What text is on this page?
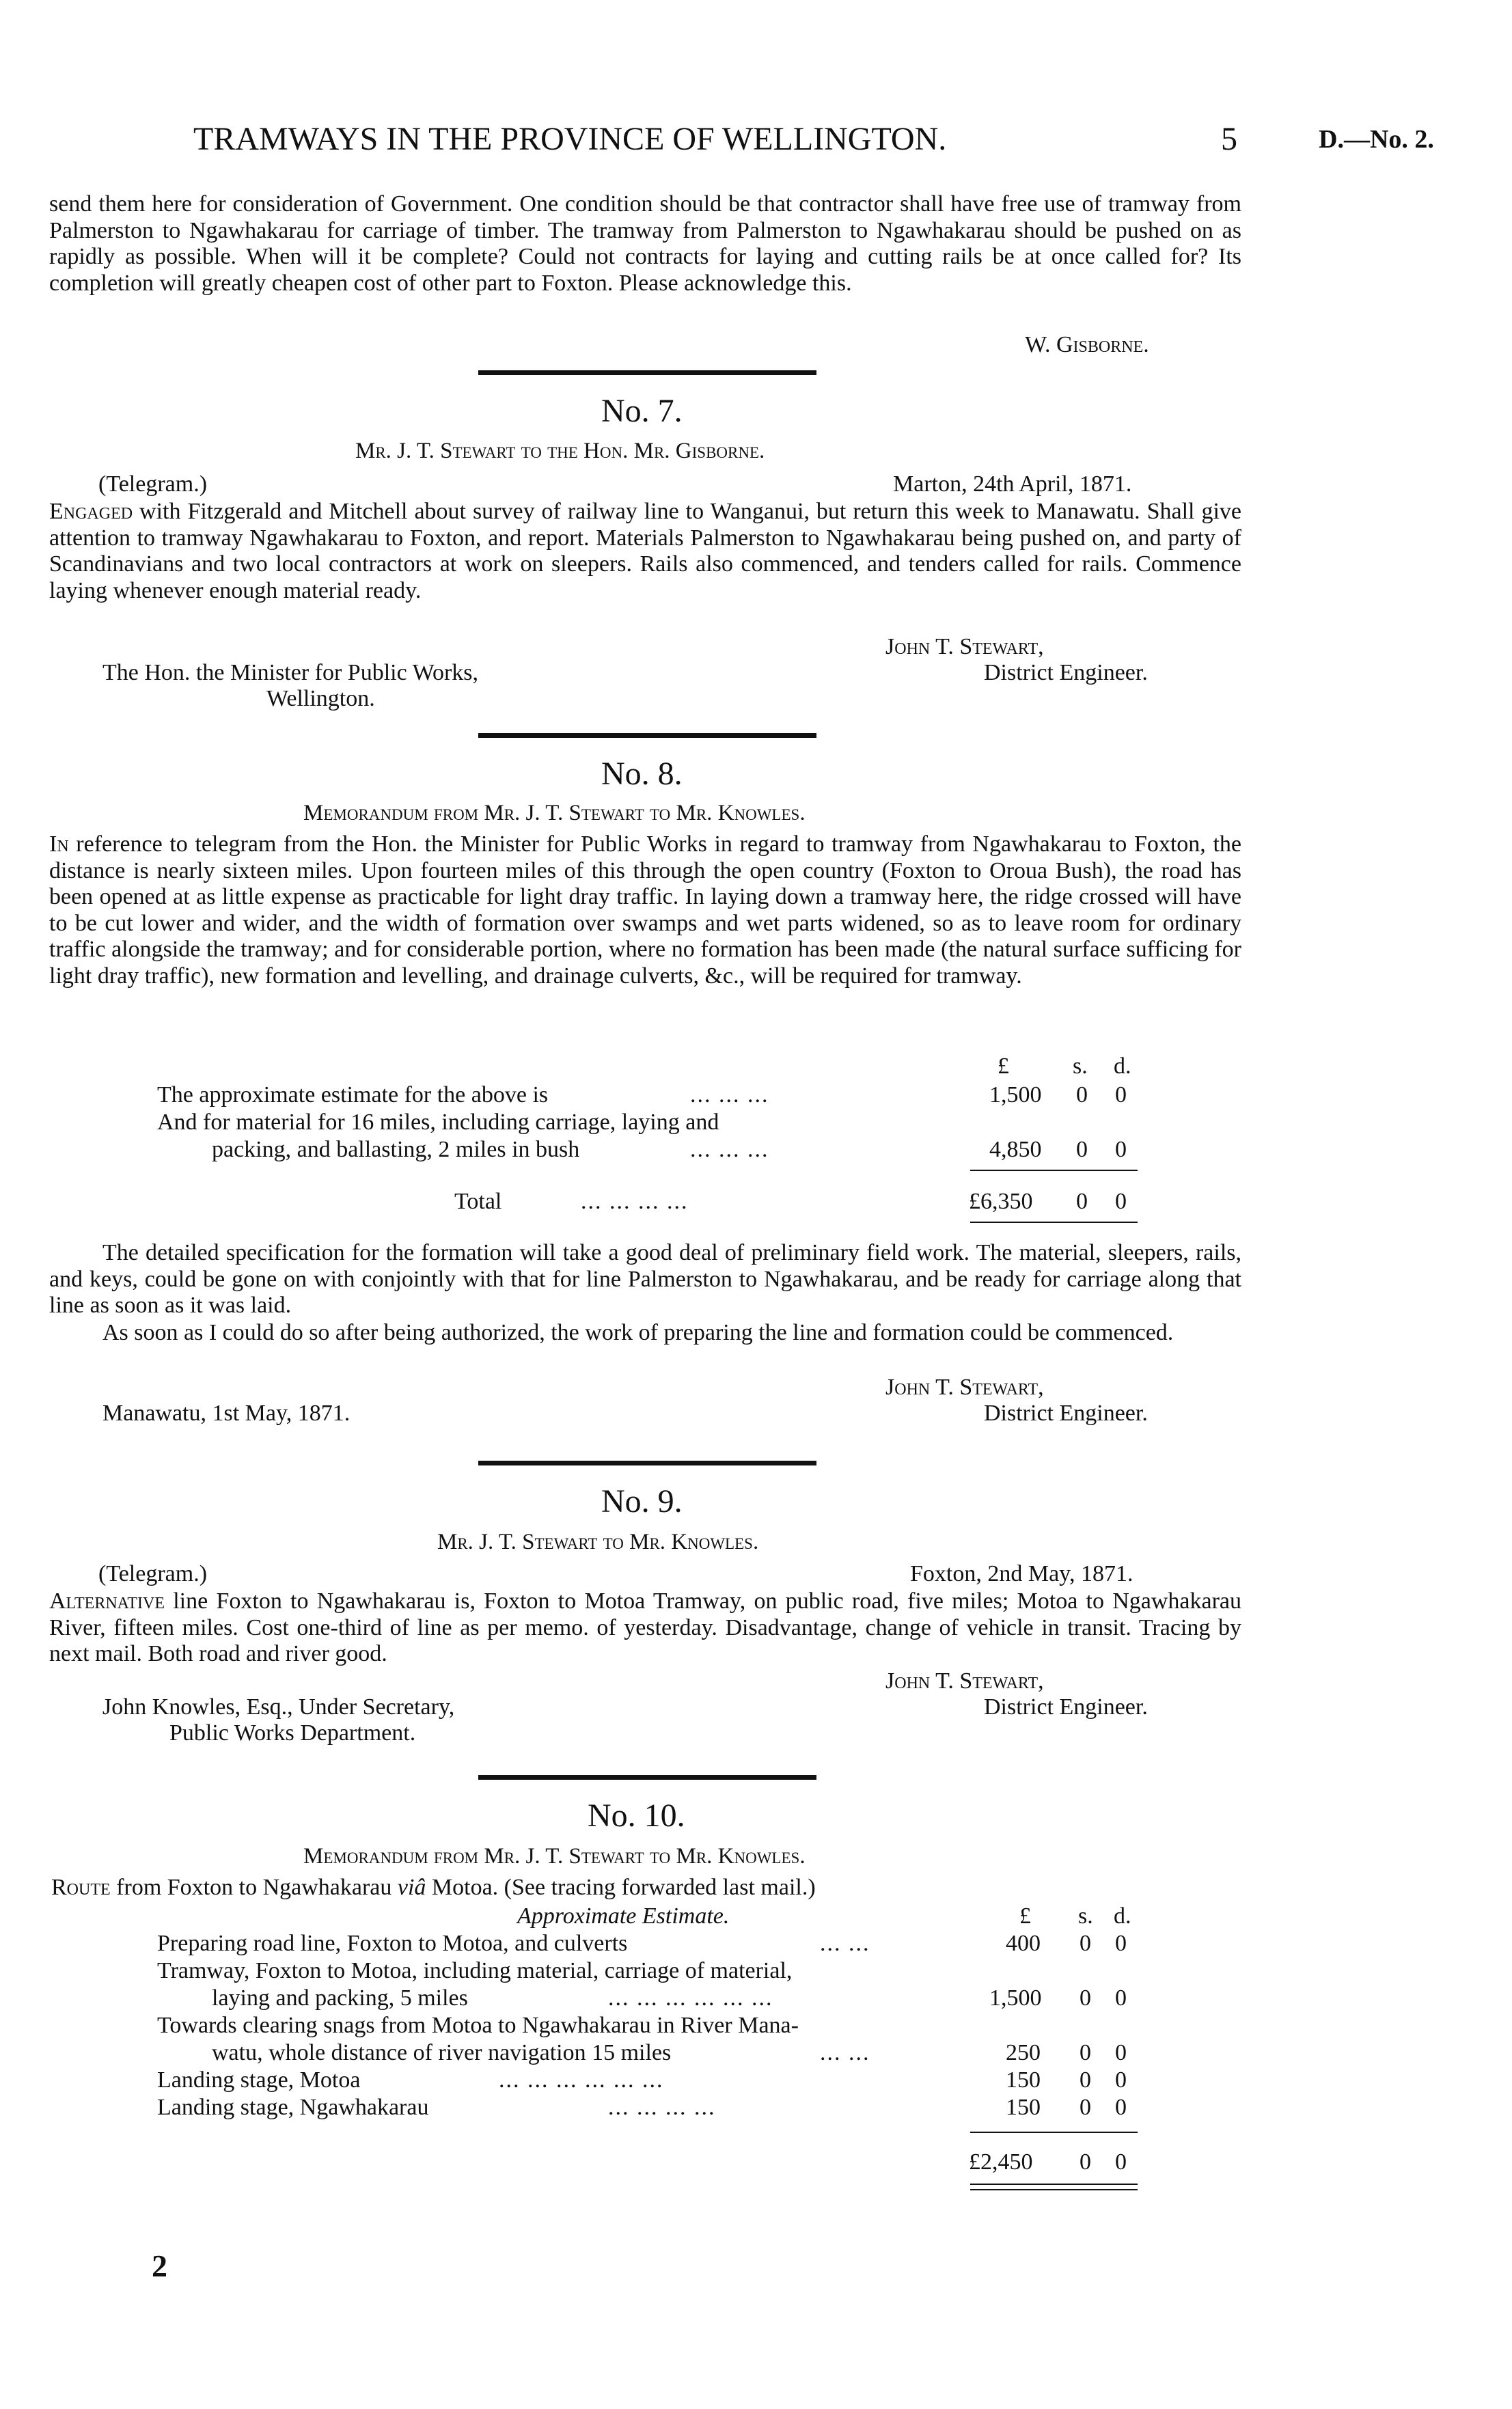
TRAMWAYS IN THE PROVINCE OF WELLINGTON.	5	D.—No. 2.

send them here for consideration of Government. One condition should be that contractor shall have free use of tramway from Palmerston to Ngawhakarau for carriage of timber. The tramway from Palmerston to Ngawhakarau should be pushed on as rapidly as possible. When will it be complete? Could not contracts for laying and cutting rails be at once called for? Its completion will greatly cheapen cost of other part to Foxton. Please acknowledge this.

W. Gisborne.
No. 7.
Mr. J. T. Stewart to the Hon. Mr. Gisborne.
(Telegram.)	Marton, 24th April, 1871.

Engaged with Fitzgerald and Mitchell about survey of railway line to Wanganui, but return this week to Manawatu. Shall give attention to tramway Ngawhakarau to Foxton, and report. Materials Palmerston to Ngawhakarau being pushed on, and party of Scandinavians and two local contractors at work on sleepers. Rails also commenced, and tenders called for rails. Commence laying whenever enough material ready.

John T. Stewart,
The Hon. the Minister for Public Works,	District Engineer.
Wellington.
No. 8.
Memorandum from Mr. J. T. Stewart to Mr. Knowles.

In reference to telegram from the Hon. the Minister for Public Works in regard to tramway from Ngawhakarau to Foxton, the distance is nearly sixteen miles. Upon fourteen miles of this through the open country (Foxton to Oroua Bush), the road has been opened at as little expense as practicable for light dray traffic. In laying down a tramway here, the ridge crossed will have to be cut lower and wider, and the width of formation over swamps and wet parts widened, so as to leave room for ordinary traffic alongside the tramway; and for considerable portion, where no formation has been made (the natural surface sufficing for light dray traffic), new formation and levelling, and drainage culverts, &c., will be required for tramway.

£	s. d.
The approximate estimate for the above is	... ... ...	1,500 0 0
And for material for 16 miles, including carriage, laying and
packing, and ballasting, 2 miles in bush	... ... ...	4,850 0 0
Total	... ... ... ...	£6,350 0 0

The detailed specification for the formation will take a good deal of preliminary field work. The material, sleepers, rails, and keys, could be gone on with conjointly with that for line Palmerston to Ngawhakarau, and be ready for carriage along that line as soon as it was laid.

As soon as I could do so after being authorized, the work of preparing the line and formation could be commenced.

John T. Stewart,
Manawatu, 1st May, 1871.	District Engineer.
No. 9.
Mr. J. T. Stewart to Mr. Knowles.
(Telegram.)	Foxton, 2nd May, 1871.

Alternative line Foxton to Ngawhakarau is, Foxton to Motoa Tramway, on public road, five miles; Motoa to Ngawhakarau River, fifteen miles. Cost one-third of line as per memo. of yesterday. Disadvantage, change of vehicle in transit. Tracing by next mail. Both road and river good.

John T. Stewart,
John Knowles, Esq., Under Secretary,	District Engineer.
Public Works Department.
No. 10.
Memorandum from Mr. J. T. Stewart to Mr. Knowles.
Route from Foxton to Ngawhakarau viâ Motoa. (See tracing forwarded last mail.)
Approximate Estimate.	£ s. d.
Preparing road line, Foxton to Motoa, and culverts	... ...	400 0 0
Tramway, Foxton to Motoa, including material, carriage of material,
laying and packing, 5 miles	... ... ... ... ... ...	1,500 0 0
Towards clearing snags from Motoa to Ngawhakarau in River Mana-
watu, whole distance of river navigation 15 miles	... ...	250 0 0
Landing stage, Motoa	... ... ... ... ... ...	150 0 0
Landing stage, Ngawhakarau	... ... ... ...	150 0 0
£2,450 0 0
2
